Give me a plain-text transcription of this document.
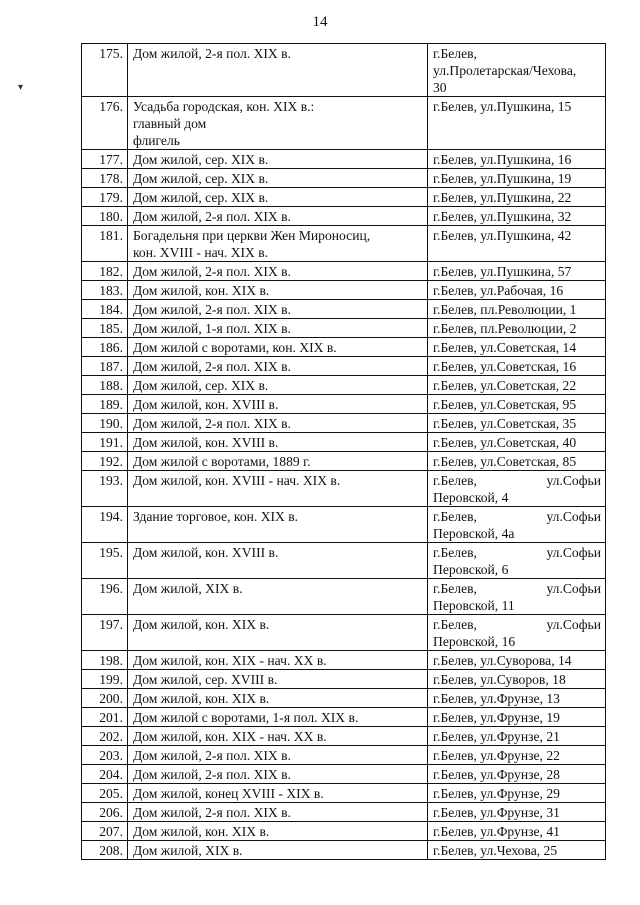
14
▾
175.	Дом жилой, 2-я пол. XIX в.	г.Белев,
ул.Пролетарская/Чехова,
30

176.	Усадьба городская, кон. XIX в.:
главный дом
флигель	г.Белев, ул.Пушкина, 15

177.	Дом жилой, сер. XIX в.	г.Белев, ул.Пушкина, 16

178.	Дом жилой, сер. XIX в.	г.Белев, ул.Пушкина, 19

179.	Дом жилой, сер. XIX в.	г.Белев, ул.Пушкина, 22

180.	Дом жилой, 2-я пол. XIX в.	г.Белев, ул.Пушкина, 32

181.	Богадельня при церкви Жен Мироносиц,
кон. XVIII - нач. XIX в.	г.Белев, ул.Пушкина, 42

182.	Дом жилой, 2-я пол. XIX в.	г.Белев, ул.Пушкина, 57

183.	Дом жилой, кон. XIX в.	г.Белев, ул.Рабочая, 16

184.	Дом жилой, 2-я пол. XIX в.	г.Белев, пл.Революции, 1

185.	Дом жилой, 1-я пол. XIX в.	г.Белев, пл.Революции, 2

186.	Дом жилой с воротами, кон. XIX в.	г.Белев, ул.Советская, 14

187.	Дом жилой, 2-я пол. XIX в.	г.Белев, ул.Советская, 16

188.	Дом жилой, сер. XIX в.	г.Белев, ул.Советская, 22

189.	Дом жилой, кон. XVIII в.	г.Белев, ул.Советская, 95

190.	Дом жилой, 2-я пол. XIX в.	г.Белев, ул.Советская, 35

191.	Дом жилой, кон. XVIII в.	г.Белев, ул.Советская, 40

192.	Дом жилой с воротами, 1889 г.	г.Белев, ул.Советская, 85

193.	Дом жилой, кон. XVIII - нач. XIX в.	г.Белев, ул.Софьи
Перовской, 4

194.	Здание торговое, кон. XIX в.	г.Белев, ул.Софьи
Перовской, 4а

195.	Дом жилой, кон. XVIII в.	г.Белев, ул.Софьи
Перовской, 6

196.	Дом жилой, XIX в.	г.Белев, ул.Софьи
Перовской, 11

197.	Дом жилой, кон. XIX в.	г.Белев, ул.Софьи
Перовской, 16

198.	Дом жилой, кон. XIX - нач. XX в.	г.Белев, ул.Суворова, 14

199.	Дом жилой, сер. XVIII в.	г.Белев, ул.Суворов, 18

200.	Дом жилой, кон. XIX в.	г.Белев, ул.Фрунзе, 13

201.	Дом жилой с воротами, 1-я пол. XIX в.	г.Белев, ул.Фрунзе, 19

202.	Дом жилой, кон. XIX - нач. XX в.	г.Белев, ул.Фрунзе, 21

203.	Дом жилой, 2-я пол. XIX в.	г.Белев, ул.Фрунзе, 22

204.	Дом жилой, 2-я пол. XIX в.	г.Белев, ул.Фрунзе, 28

205.	Дом жилой, конец XVIII - XIX в.	г.Белев, ул.Фрунзе, 29

206.	Дом жилой, 2-я пол. XIX в.	г.Белев, ул.Фрунзе, 31

207.	Дом жилой, кон. XIX в.	г.Белев, ул.Фрунзе, 41

208.	Дом жилой, XIX в.	г.Белев, ул.Чехова, 25
